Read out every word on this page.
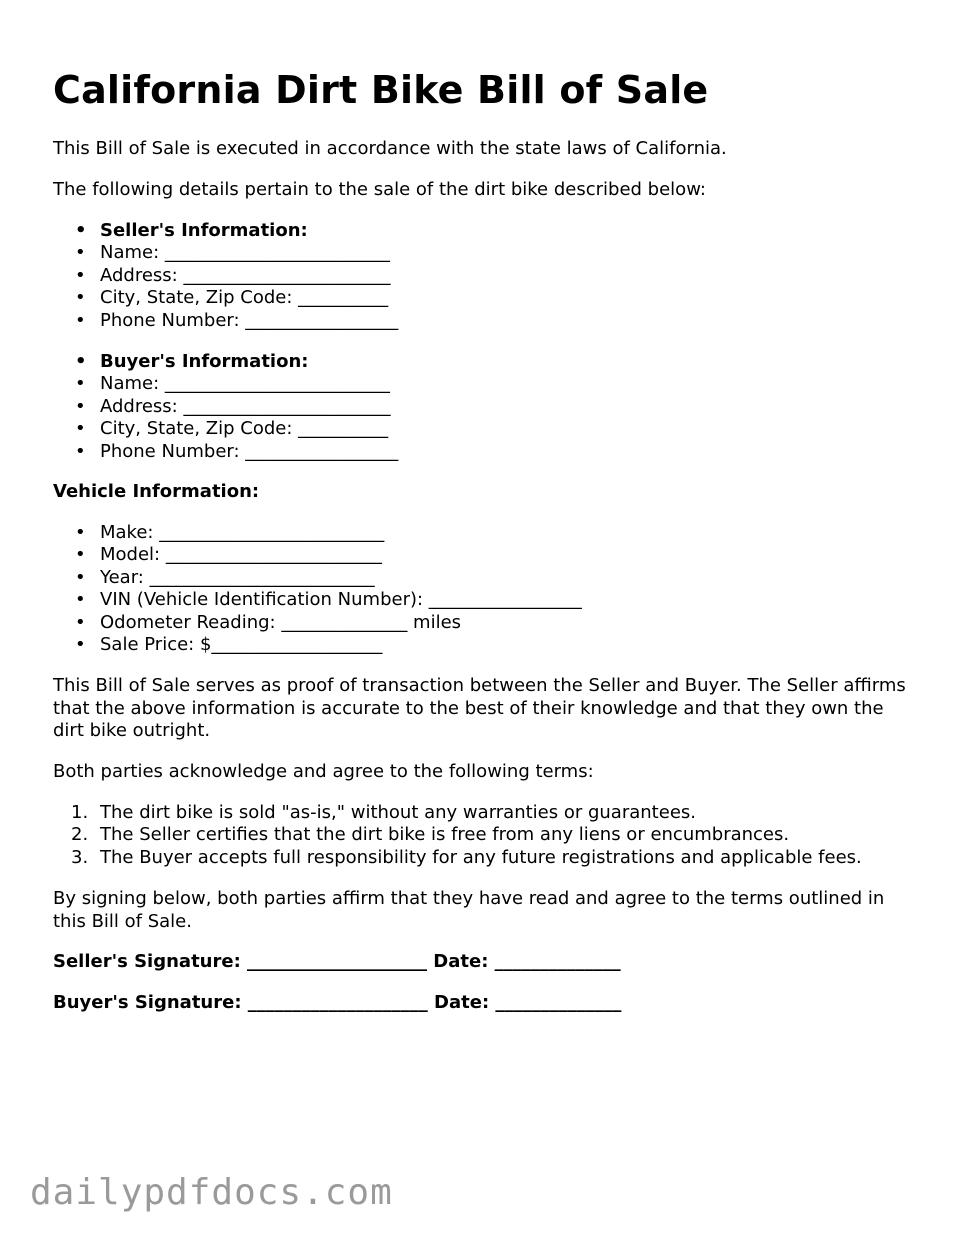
California Dirt Bike Bill of Sale

This Bill of Sale is executed in accordance with the state laws of California.

The following details pertain to the sale of the dirt bike described below:

• Seller's Information:
• Name: _________________________
• Address: _______________________
• City, State, Zip Code: __________
• Phone Number: _________________
• Buyer's Information:
• Name: _________________________
• Address: _______________________
• City, State, Zip Code: __________
• Phone Number: _________________

Vehicle Information:

• Make: _________________________
• Model: ________________________
• Year: _________________________
• VIN (Vehicle Identification Number): _________________
• Odometer Reading: ______________ miles
• Sale Price: $___________________

This Bill of Sale serves as proof of transaction between the Seller and Buyer. The Seller affirms that the above information is accurate to the best of their knowledge and that they own the dirt bike outright.

Both parties acknowledge and agree to the following terms:

1. The dirt bike is sold "as-is," without any warranties or guarantees.
2. The Seller certifies that the dirt bike is free from any liens or encumbrances.
3. The Buyer accepts full responsibility for any future registrations and applicable fees.

By signing below, both parties affirm that they have read and agree to the terms outlined in this Bill of Sale.

Seller's Signature: ____________________ Date: ______________
Buyer's Signature: ____________________ Date: ______________
dailypdfdocs.com
